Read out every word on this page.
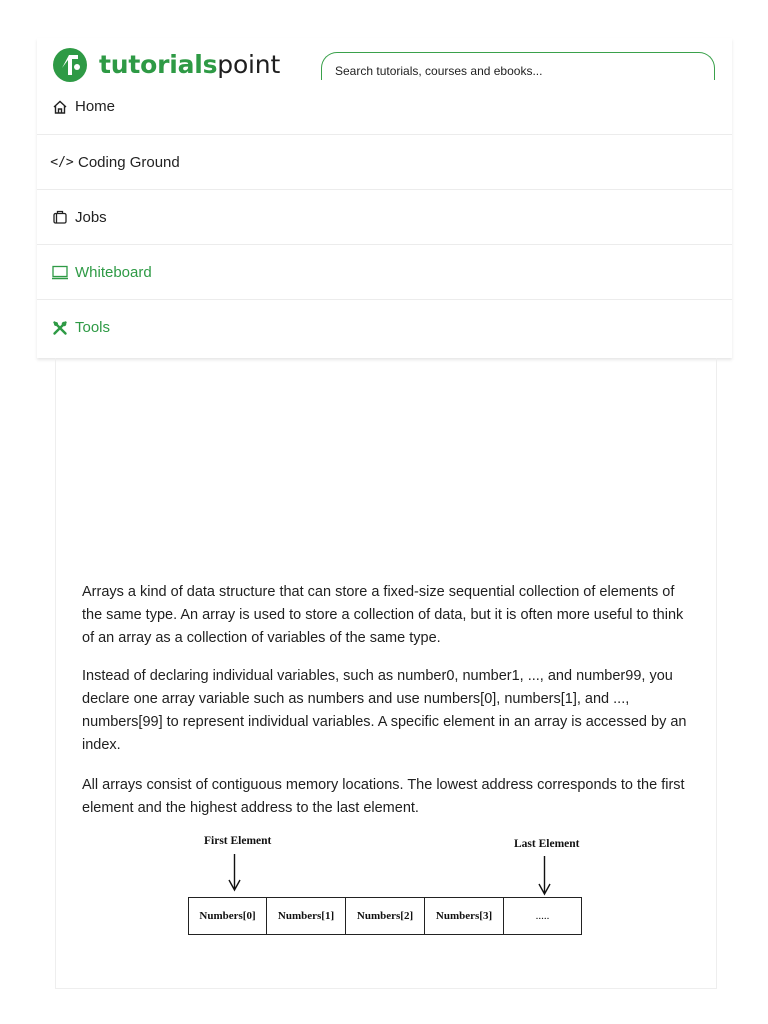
tutorialspoint
Search tutorials, courses and ebooks...
Home
</> Coding Ground
Jobs
Whiteboard
Tools

Arrays a kind of data structure that can store a fixed-size sequential collection of elements of the same type. An array is used to store a collection of data, but it is often more useful to think of an array as a collection of variables of the same type.

Instead of declaring individual variables, such as number0, number1, ..., and number99, you declare one array variable such as numbers and use numbers[0], numbers[1], and ..., numbers[99] to represent individual variables. A specific element in an array is accessed by an index.

All arrays consist of contiguous memory locations. The lowest address corresponds to the first element and the highest address to the last element.

First Element	Last Element
Numbers[0]	Numbers[1]	Numbers[2]	Numbers[3]	.....
